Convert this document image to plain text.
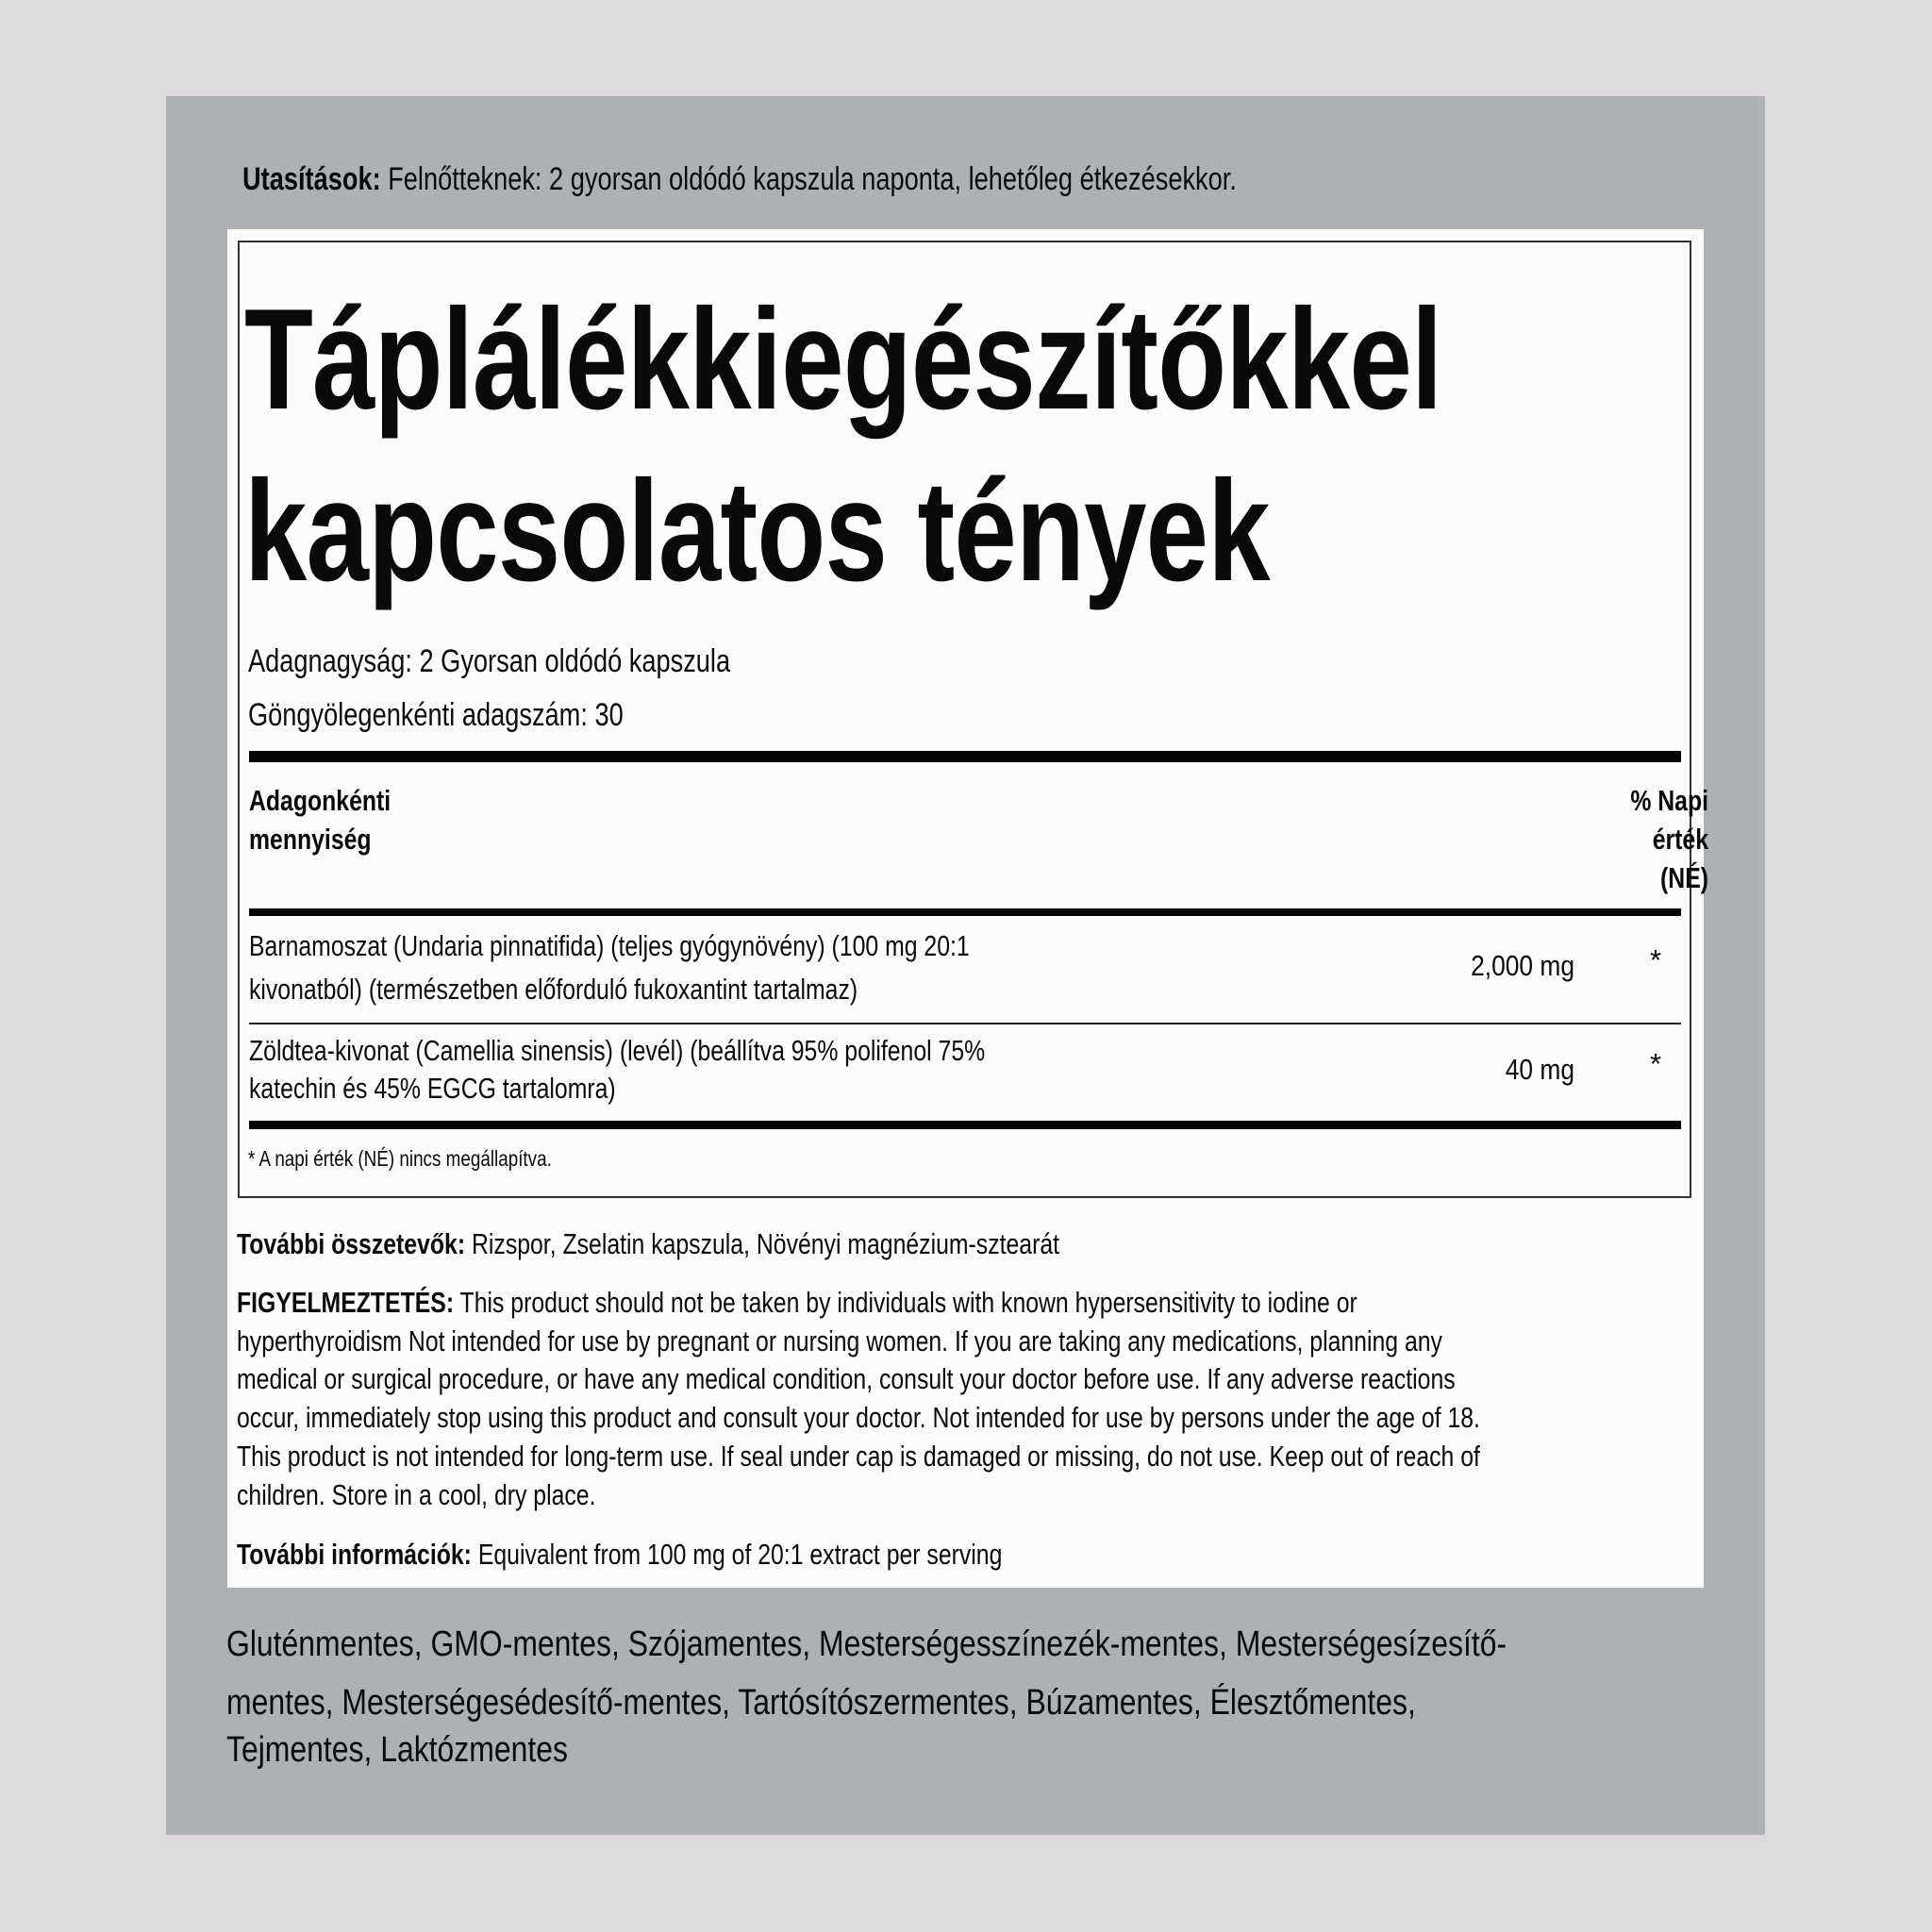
Utasítások: Felnőtteknek: 2 gyorsan oldódó kapszula naponta, lehetőleg étkezésekkor.
Táplálékkiegészítőkkel
kapcsolatos tények
Adagnagyság: 2 Gyorsan oldódó kapszula
Göngyölegenkénti adagszám: 30
Adagonkénti
mennyiség
% Napi
érték
(NÉ)
Barnamoszat (Undaria pinnatifida) (teljes gyógynövény) (100 mg 20:1
kivonatból) (természetben előforduló fukoxantint tartalmaz)
2,000 mg	*
Zöldtea-kivonat (Camellia sinensis) (levél) (beállítva 95% polifenol 75%
katechin és 45% EGCG tartalomra)
40 mg	*
* A napi érték (NÉ) nincs megállapítva.
További összetevők: Rizspor, Zselatin kapszula, Növényi magnézium-sztearát
FIGYELMEZTETÉS: This product should not be taken by individuals with known hypersensitivity to iodine or
hyperthyroidism Not intended for use by pregnant or nursing women. If you are taking any medications, planning any
medical or surgical procedure, or have any medical condition, consult your doctor before use. If any adverse reactions
occur, immediately stop using this product and consult your doctor. Not intended for use by persons under the age of 18.
This product is not intended for long-term use. If seal under cap is damaged or missing, do not use. Keep out of reach of
children. Store in a cool, dry place.
További információk: Equivalent from 100 mg of 20:1 extract per serving
Gluténmentes, GMO-mentes, Szójamentes, Mesterségesszínezék-mentes, Mesterségesízesítő-
mentes, Mesterségesédesítő-mentes, Tartósítószermentes, Búzamentes, Élesztőmentes,
Tejmentes, Laktózmentes
